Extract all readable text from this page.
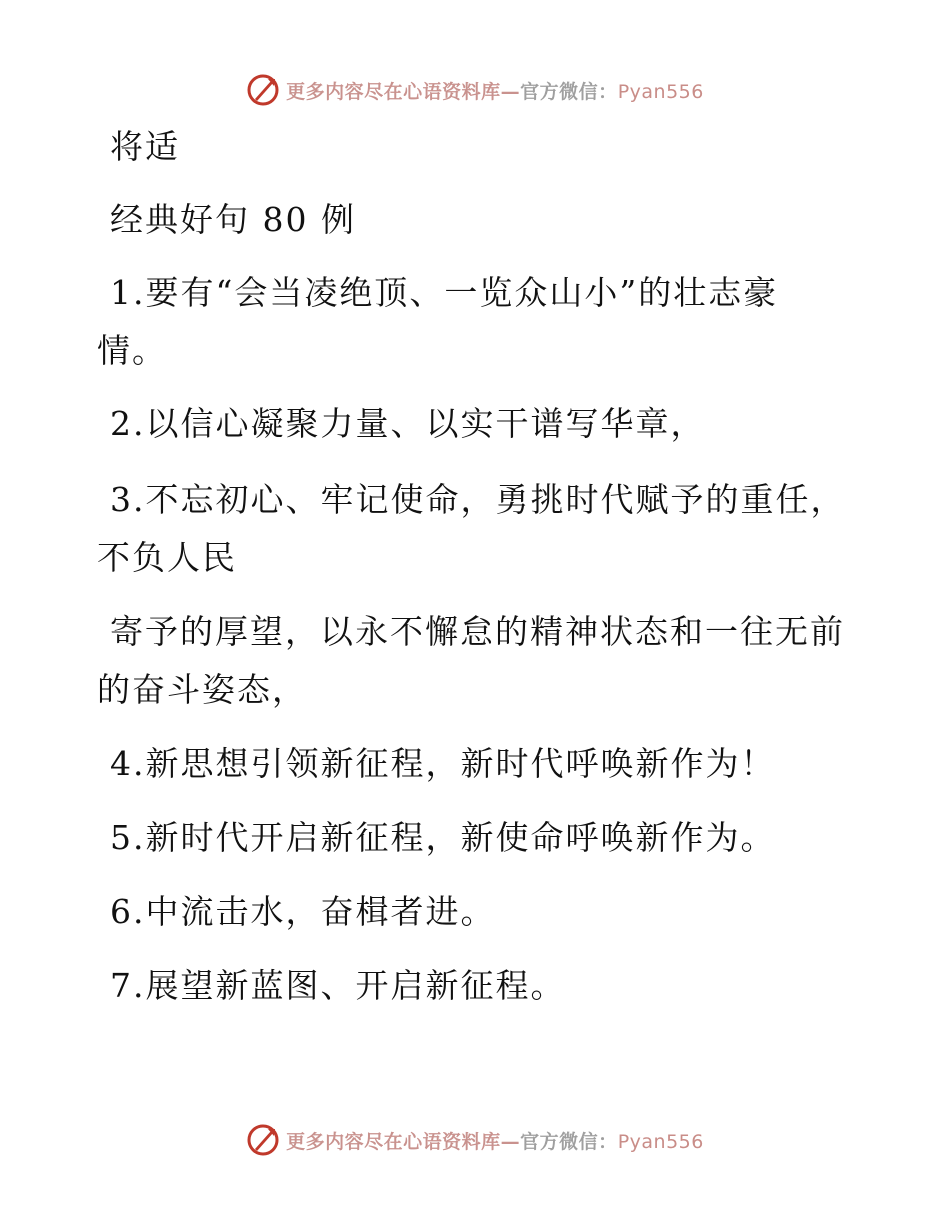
更多内容尽在心语资料库—官方微信：Pyan556
将适
经典好句 80 例
1.要有“会当凌绝顶、一览众山小”的壮志豪
情。
2.以信心凝聚力量、以实干谱写华章，
3.不忘初心、牢记使命，勇挑时代赋予的重任，
不负人民
寄予的厚望，以永不懈怠的精神状态和一往无前
的奋斗姿态，
4.新思想引领新征程，新时代呼唤新作为！
5.新时代开启新征程，新使命呼唤新作为。
6.中流击水，奋楫者进。
7.展望新蓝图、开启新征程。
更多内容尽在心语资料库—官方微信：Pyan556
